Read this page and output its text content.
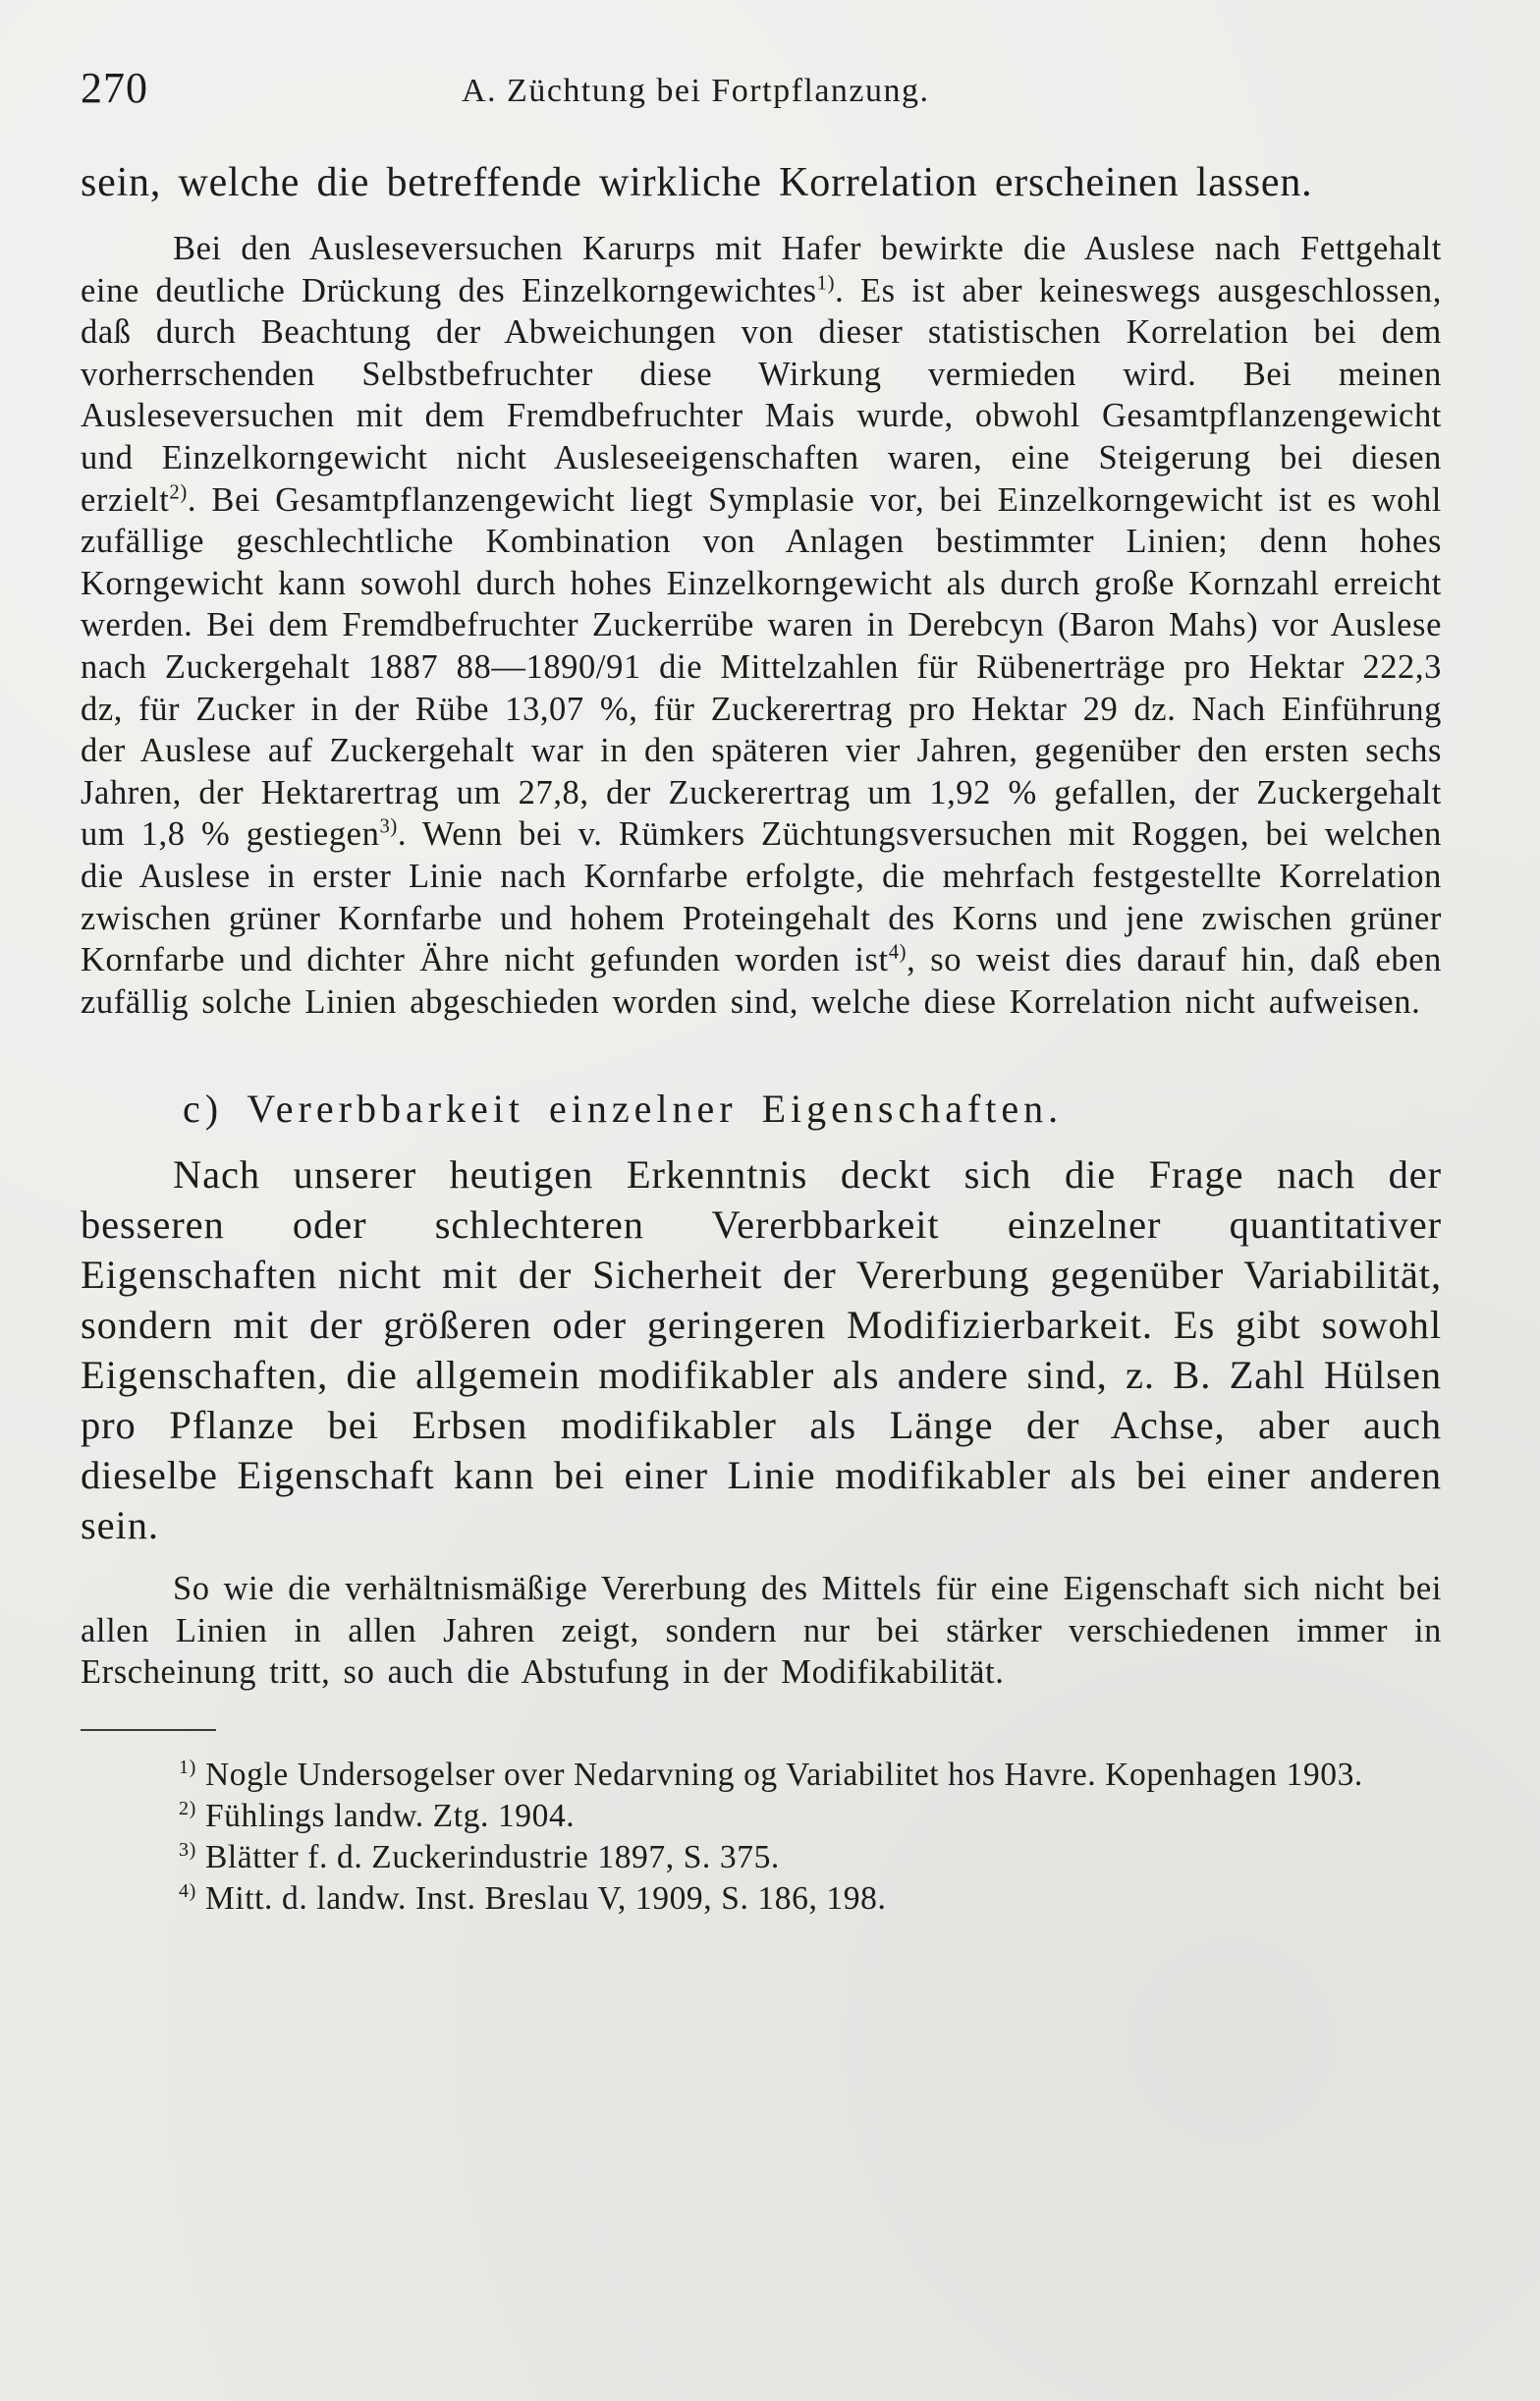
270	A. Züchtung bei Fortpflanzung.

sein, welche die betreffende wirkliche Korrelation erscheinen lassen.

Bei den Ausleseversuchen Karurps mit Hafer bewirkte die Auslese nach Fettgehalt eine deutliche Drückung des Einzelkorngewichtes$^{1)}$. Es ist aber keineswegs ausgeschlossen, daß durch Beachtung der Abweichungen von dieser statistischen Korrelation bei dem vorherrschenden Selbstbefruchter diese Wirkung vermieden wird. Bei meinen Ausleseversuchen mit dem Fremdbefruchter Mais wurde, obwohl Gesamtpflanzengewicht und Einzelkorngewicht nicht Ausleseeigenschaften waren, eine Steigerung bei diesen erzielt$^{2)}$. Bei Gesamtpflanzengewicht liegt Symplasie vor, bei Einzelkorngewicht ist es wohl zufällige geschlechtliche Kombination von Anlagen bestimmter Linien; denn hohes Korngewicht kann sowohl durch hohes Einzelkorngewicht als durch große Kornzahl erreicht werden. Bei dem Fremdbefruchter Zuckerrübe waren in Derebcyn (Baron Mahs) vor Auslese nach Zuckergehalt 1887 88—1890/91 die Mittelzahlen für Rübenerträge pro Hektar 222,3 dz, für Zucker in der Rübe 13,07 %, für Zuckerertrag pro Hektar 29 dz. Nach Einführung der Auslese auf Zuckergehalt war in den späteren vier Jahren, gegenüber den ersten sechs Jahren, der Hektarertrag um 27,8, der Zuckerertrag um 1,92 % gefallen, der Zuckergehalt um 1,8 % gestiegen$^{3)}$. Wenn bei v. Rümkers Züchtungsversuchen mit Roggen, bei welchen die Auslese in erster Linie nach Kornfarbe erfolgte, die mehrfach festgestellte Korrelation zwischen grüner Kornfarbe und hohem Proteingehalt des Korns und jene zwischen grüner Kornfarbe und dichter Ähre nicht gefunden worden ist$^{4)}$, so weist dies darauf hin, daß eben zufällig solche Linien abgeschieden worden sind, welche diese Korrelation nicht aufweisen.

c) Vererbbarkeit einzelner Eigenschaften.

Nach unserer heutigen Erkenntnis deckt sich die Frage nach der besseren oder schlechteren Vererbbarkeit einzelner quantitativer Eigenschaften nicht mit der Sicherheit der Vererbung gegenüber Variabilität, sondern mit der größeren oder geringeren Modifizierbarkeit. Es gibt sowohl Eigenschaften, die allgemein modifikabler als andere sind, z. B. Zahl Hülsen pro Pflanze bei Erbsen modifikabler als Länge der Achse, aber auch dieselbe Eigenschaft kann bei einer Linie modifikabler als bei einer anderen sein.

So wie die verhältnismäßige Vererbung des Mittels für eine Eigenschaft sich nicht bei allen Linien in allen Jahren zeigt, sondern nur bei stärker verschiedenen immer in Erscheinung tritt, so auch die Abstufung in der Modifikabilität.

$^{1)}$ Nogle Undersogelser over Nedarvning og Variabilitet hos Havre. Kopenhagen 1903.

$^{2)}$ Fühlings landw. Ztg. 1904.

$^{3)}$ Blätter f. d. Zuckerindustrie 1897, S. 375.

$^{4)}$ Mitt. d. landw. Inst. Breslau V, 1909, S. 186, 198.
